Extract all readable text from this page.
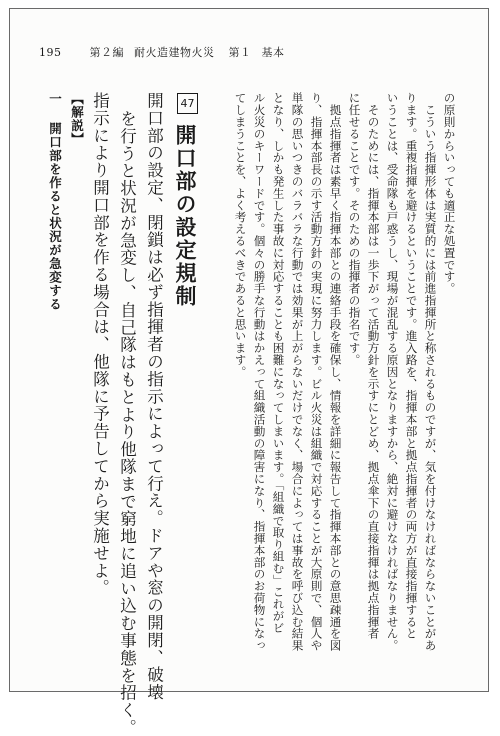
195	第２編 耐火造建物火災 第１ 基本
の原則からいっても適正な処置です。
　こういう指揮形体は実質的には前進指揮所と称されるものですが、気を付けなければならないことがあ
ります。重複指揮を避けるということです。進入路を、指揮本部と拠点指揮者の両方が直接指揮すると
いうことは、受命隊も戸惑うし、現場が混乱する原因となりますから、絶対に避けなければなりません。
　そのためには、指揮本部は一歩下がって活動方針を示すにとどめ、拠点傘下の直接指揮は拠点指揮者
に任せることです。そのための指揮者の指名です。
　拠点指揮者は素早く指揮本部との連絡手段を確保し、情報を詳細に報告して指揮本部との意思疎通を図
り、指揮本部長の示す活動方針の実現に努力します。ビル火災は組織で対応することが大原則で、個人や
単隊の思いつきのバラバラな行動では効果が上がらないだけでなく、場合によっては事故を呼び込む結果
となり、しかも発生した事故に対応することも困難になってしまいます。「組織で取り組む」これがビ
ル火災のキーワードです。個々の勝手な行動はかえって組織活動の障害になり、指揮本部のお荷物になっ
てしまうことを、よく考えるべきであると思います。
47
開口部の設定規制
開口部の設定、閉鎖は必ず指揮者の指示によって行え。ドアや窓の開閉、破壊
を行うと状況が急変し、自己隊はもとより他隊まで窮地に追い込む事態を招く。
指示により開口部を作る場合は、他隊に予告してから実施せよ。
【解説】
一
開口部を作ると状況が急変する
